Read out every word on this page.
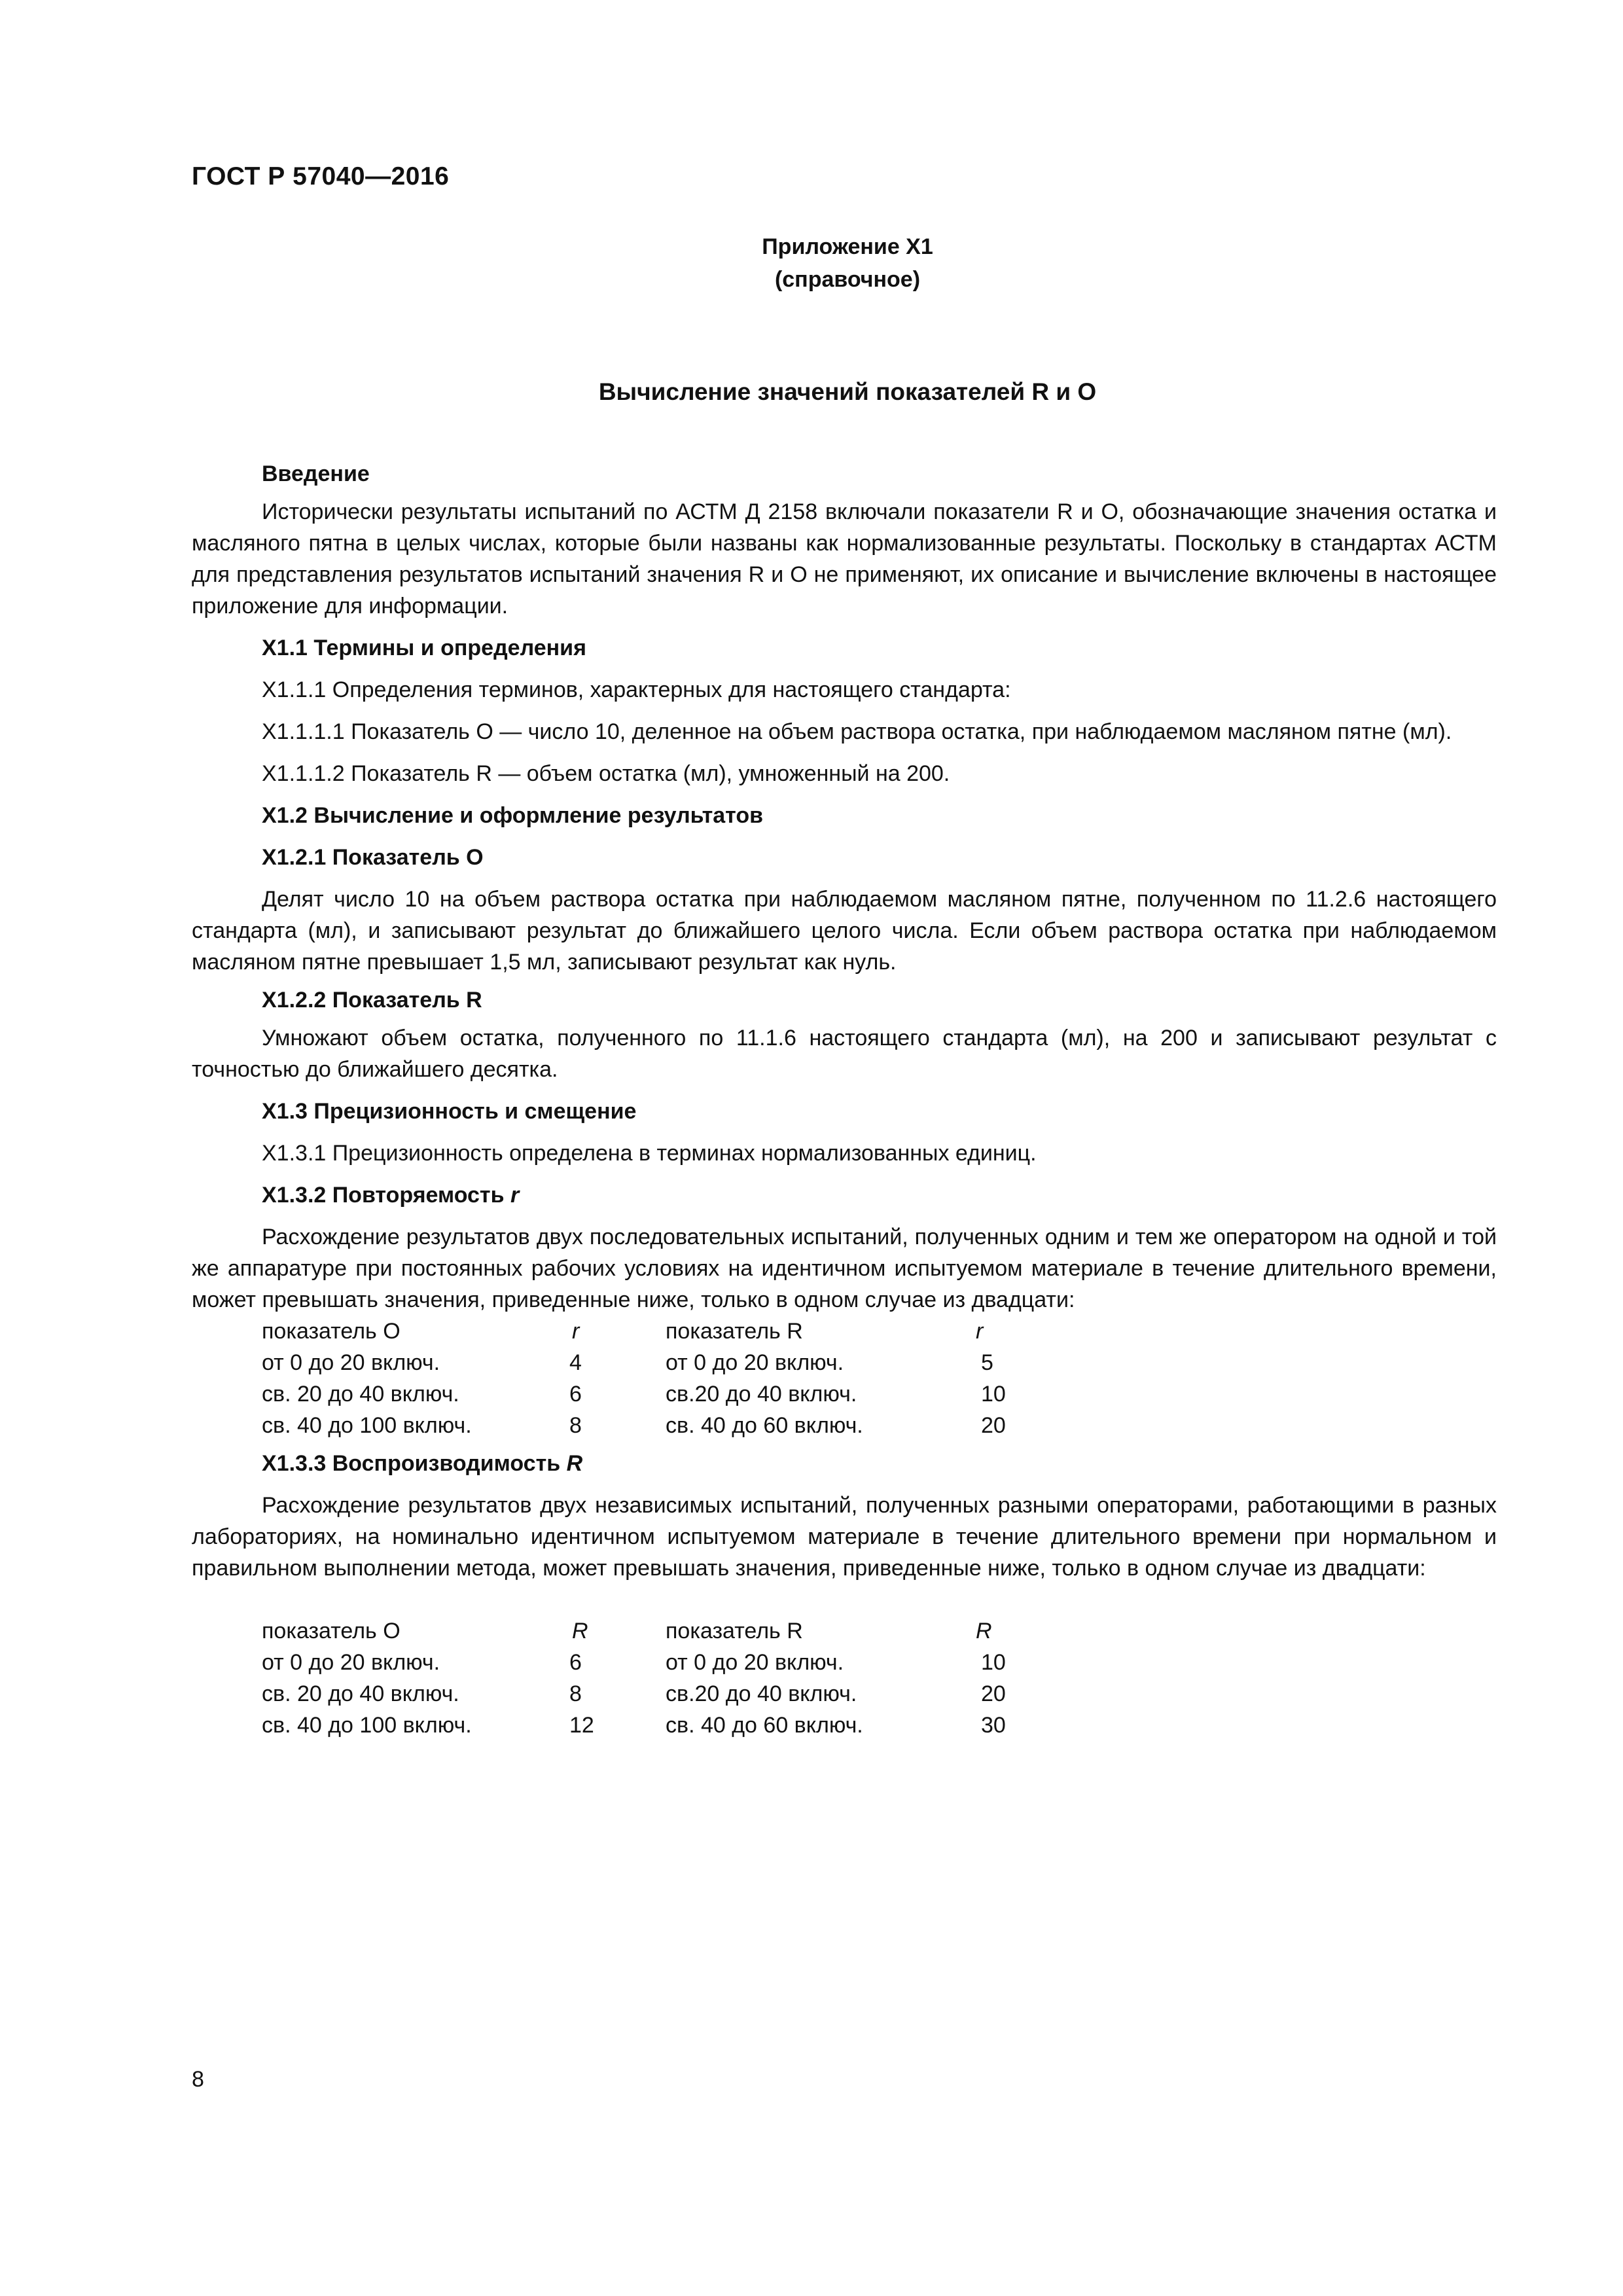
ГОСТ Р 57040—2016
Приложение Х1
(справочное)
Вычисление значений показателей R и O
Введение

Исторически результаты испытаний по АСТМ Д 2158 включали показатели R и О, обозначающие значения остатка и масляного пятна в целых числах, которые были названы как нормализованные результаты. Поскольку в стандартах АСТМ для представления результатов испытаний значения R и О не применяют, их описание и вычисление включены в настоящее приложение для информации.

Х1.1 Термины и определения

Х1.1.1 Определения терминов, характерных для настоящего стандарта:

Х1.1.1.1 Показатель О — число 10, деленное на объем раствора остатка, при наблюдаемом масляном пятне (мл).

Х1.1.1.2 Показатель R — объем остатка (мл), умноженный на 200.

Х1.2 Вычисление и оформление результатов
Х1.2.1 Показатель О

Делят число 10 на объем раствора остатка при наблюдаемом масляном пятне, полученном по 11.2.6 настоящего стандарта (мл), и записывают результат до ближайшего целого числа. Если объем раствора остатка при наблюдаемом масляном пятне превышает 1,5 мл, записывают результат как нуль.

Х1.2.2 Показатель R

Умножают объем остатка, полученного по 11.1.6 настоящего стандарта (мл), на 200 и записывают результат с точностью до ближайшего десятка.

Х1.3 Прецизионность и смещение

Х1.3.1 Прецизионность определена в терминах нормализованных единиц.

Х1.3.2 Повторяемость r

Расхождение результатов двух последовательных испытаний, полученных одним и тем же оператором на одной и той же аппаратуре при постоянных рабочих условиях на идентичном испытуемом материале в течение длительного времени, может превышать значения, приведенные ниже, только в одном случае из двадцати:

показатель О	r	показатель R	r
от 0 до 20 включ.	4	от 0 до 20 включ.	5
св. 20 до 40 включ.	6	св.20 до 40 включ.	10
св. 40 до 100 включ.	8	св. 40 до 60 включ.	20
Х1.3.3 Воспроизводимость R

Расхождение результатов двух независимых испытаний, полученных разными операторами, работающими в разных лабораториях, на номинально идентичном испытуемом материале в течение длительного времени при нормальном и правильном выполнении метода, может превышать значения, приведенные ниже, только в одном случае из двадцати:

показатель О	R	показатель R	R
от 0 до 20 включ.	6	от 0 до 20 включ.	10
св. 20 до 40 включ.	8	св.20 до 40 включ.	20
св. 40 до 100 включ.	12	св. 40 до 60 включ.	30
8
